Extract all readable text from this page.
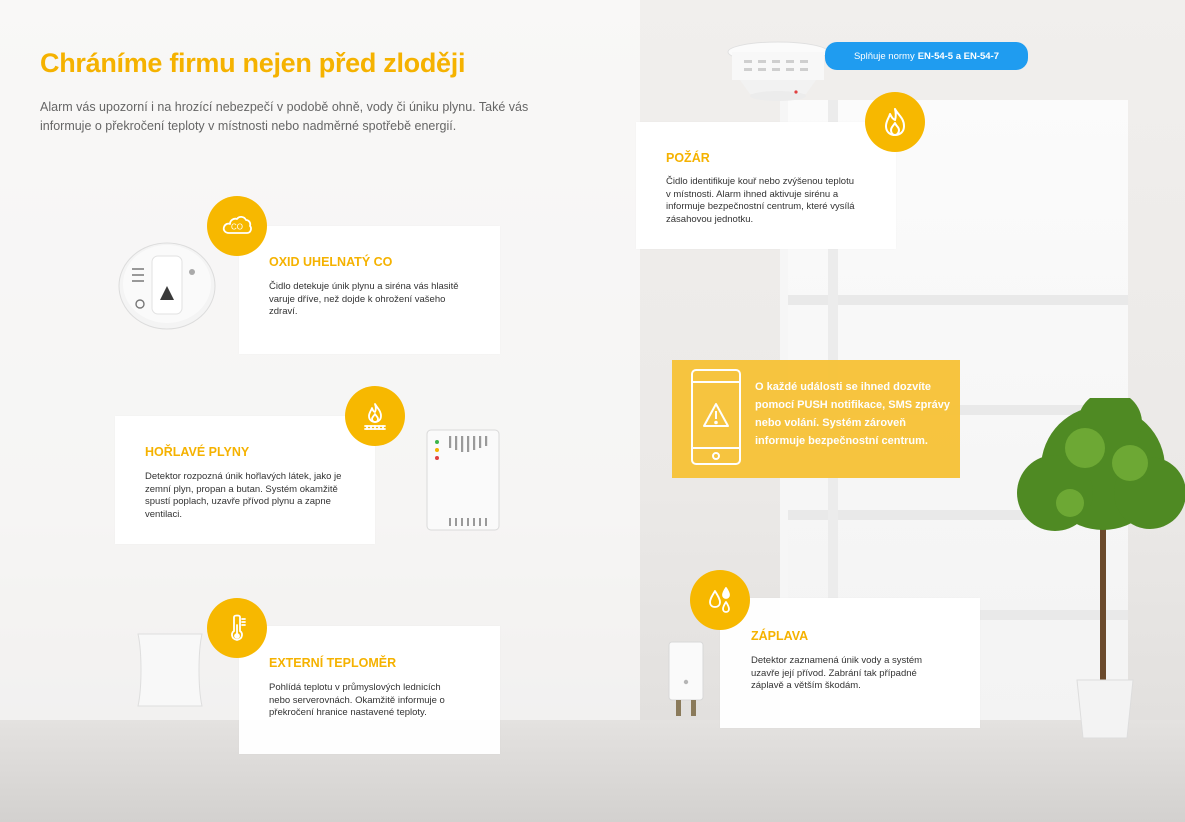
Chráníme firmu nejen před zloději

Alarm vás upozorní i na hrozící nebezpečí v podobě ohně, vody či úniku plynu. Také vás informuje o překročení teploty v místnosti nebo nadměrné spotřebě energií.

Splňuje normy EN-54-5 a EN-54-7
POŽÁR

Čidlo identifikuje kouř nebo zvýšenou teplotu v místnosti. Alarm ihned aktivuje sirénu a informuje bezpečnostní centrum, které vysílá zásahovou jednotku.

OXID UHELNATÝ CO

Čidlo detekuje únik plynu a siréna vás hlasitě varuje dříve, než dojde k ohrožení vašeho zdraví.

CO
HOŘLAVÉ PLYNY

Detektor rozpozná únik hořlavých látek, jako je zemní plyn, propan a butan. Systém okamžitě spustí poplach, uzavře přívod plynu a zapne ventilaci.

EXTERNÍ TEPLOMĚR

Pohlídá teplotu v průmyslových lednicích nebo serverovnách. Okamžitě informuje o překročení hranice nastavené teploty.

O každé události se ihned dozvíte pomocí PUSH notifikace, SMS zprávy nebo volání. Systém zároveň informuje bezpečnostní centrum.

ZÁPLAVA

Detektor zaznamená únik vody a systém uzavře její přívod. Zabrání tak případné záplavě a větším škodám.
